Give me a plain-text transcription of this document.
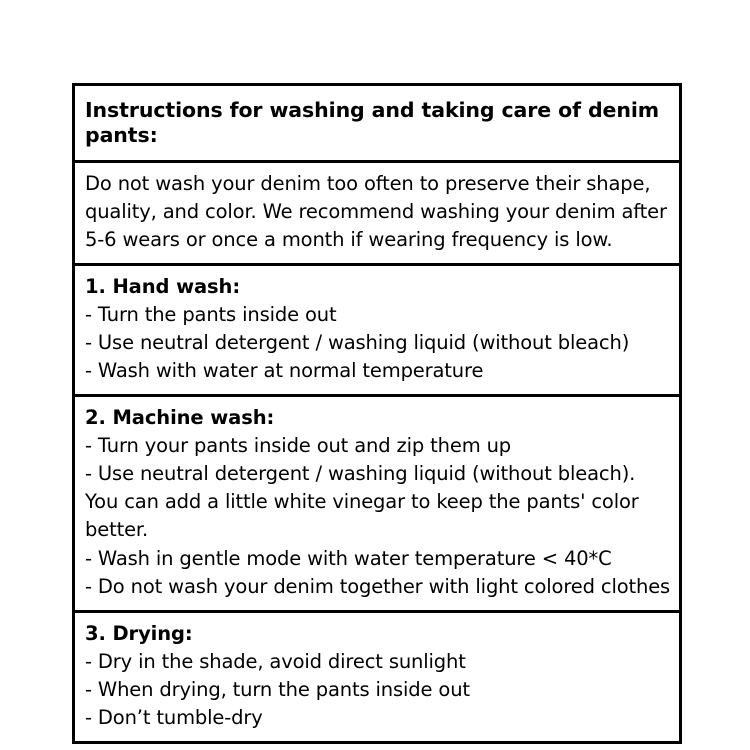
Instructions for washing and taking care of denim pants:

Do not wash your denim too often to preserve their shape, quality, and color. We recommend washing your denim after 5-6 wears or once a month if wearing frequency is low.

1. Hand wash:
- Turn the pants inside out
- Use neutral detergent / washing liquid (without bleach)
- Wash with water at normal temperature
2. Machine wash:
- Turn your pants inside out and zip them up
- Use neutral detergent / washing liquid (without bleach). You can add a little white vinegar to keep the pants' color better.
- Wash in gentle mode with water temperature < 40*C
- Do not wash your denim together with light colored clothes
3. Drying:
- Dry in the shade, avoid direct sunlight
- When drying, turn the pants inside out
- Don’t tumble-dry
